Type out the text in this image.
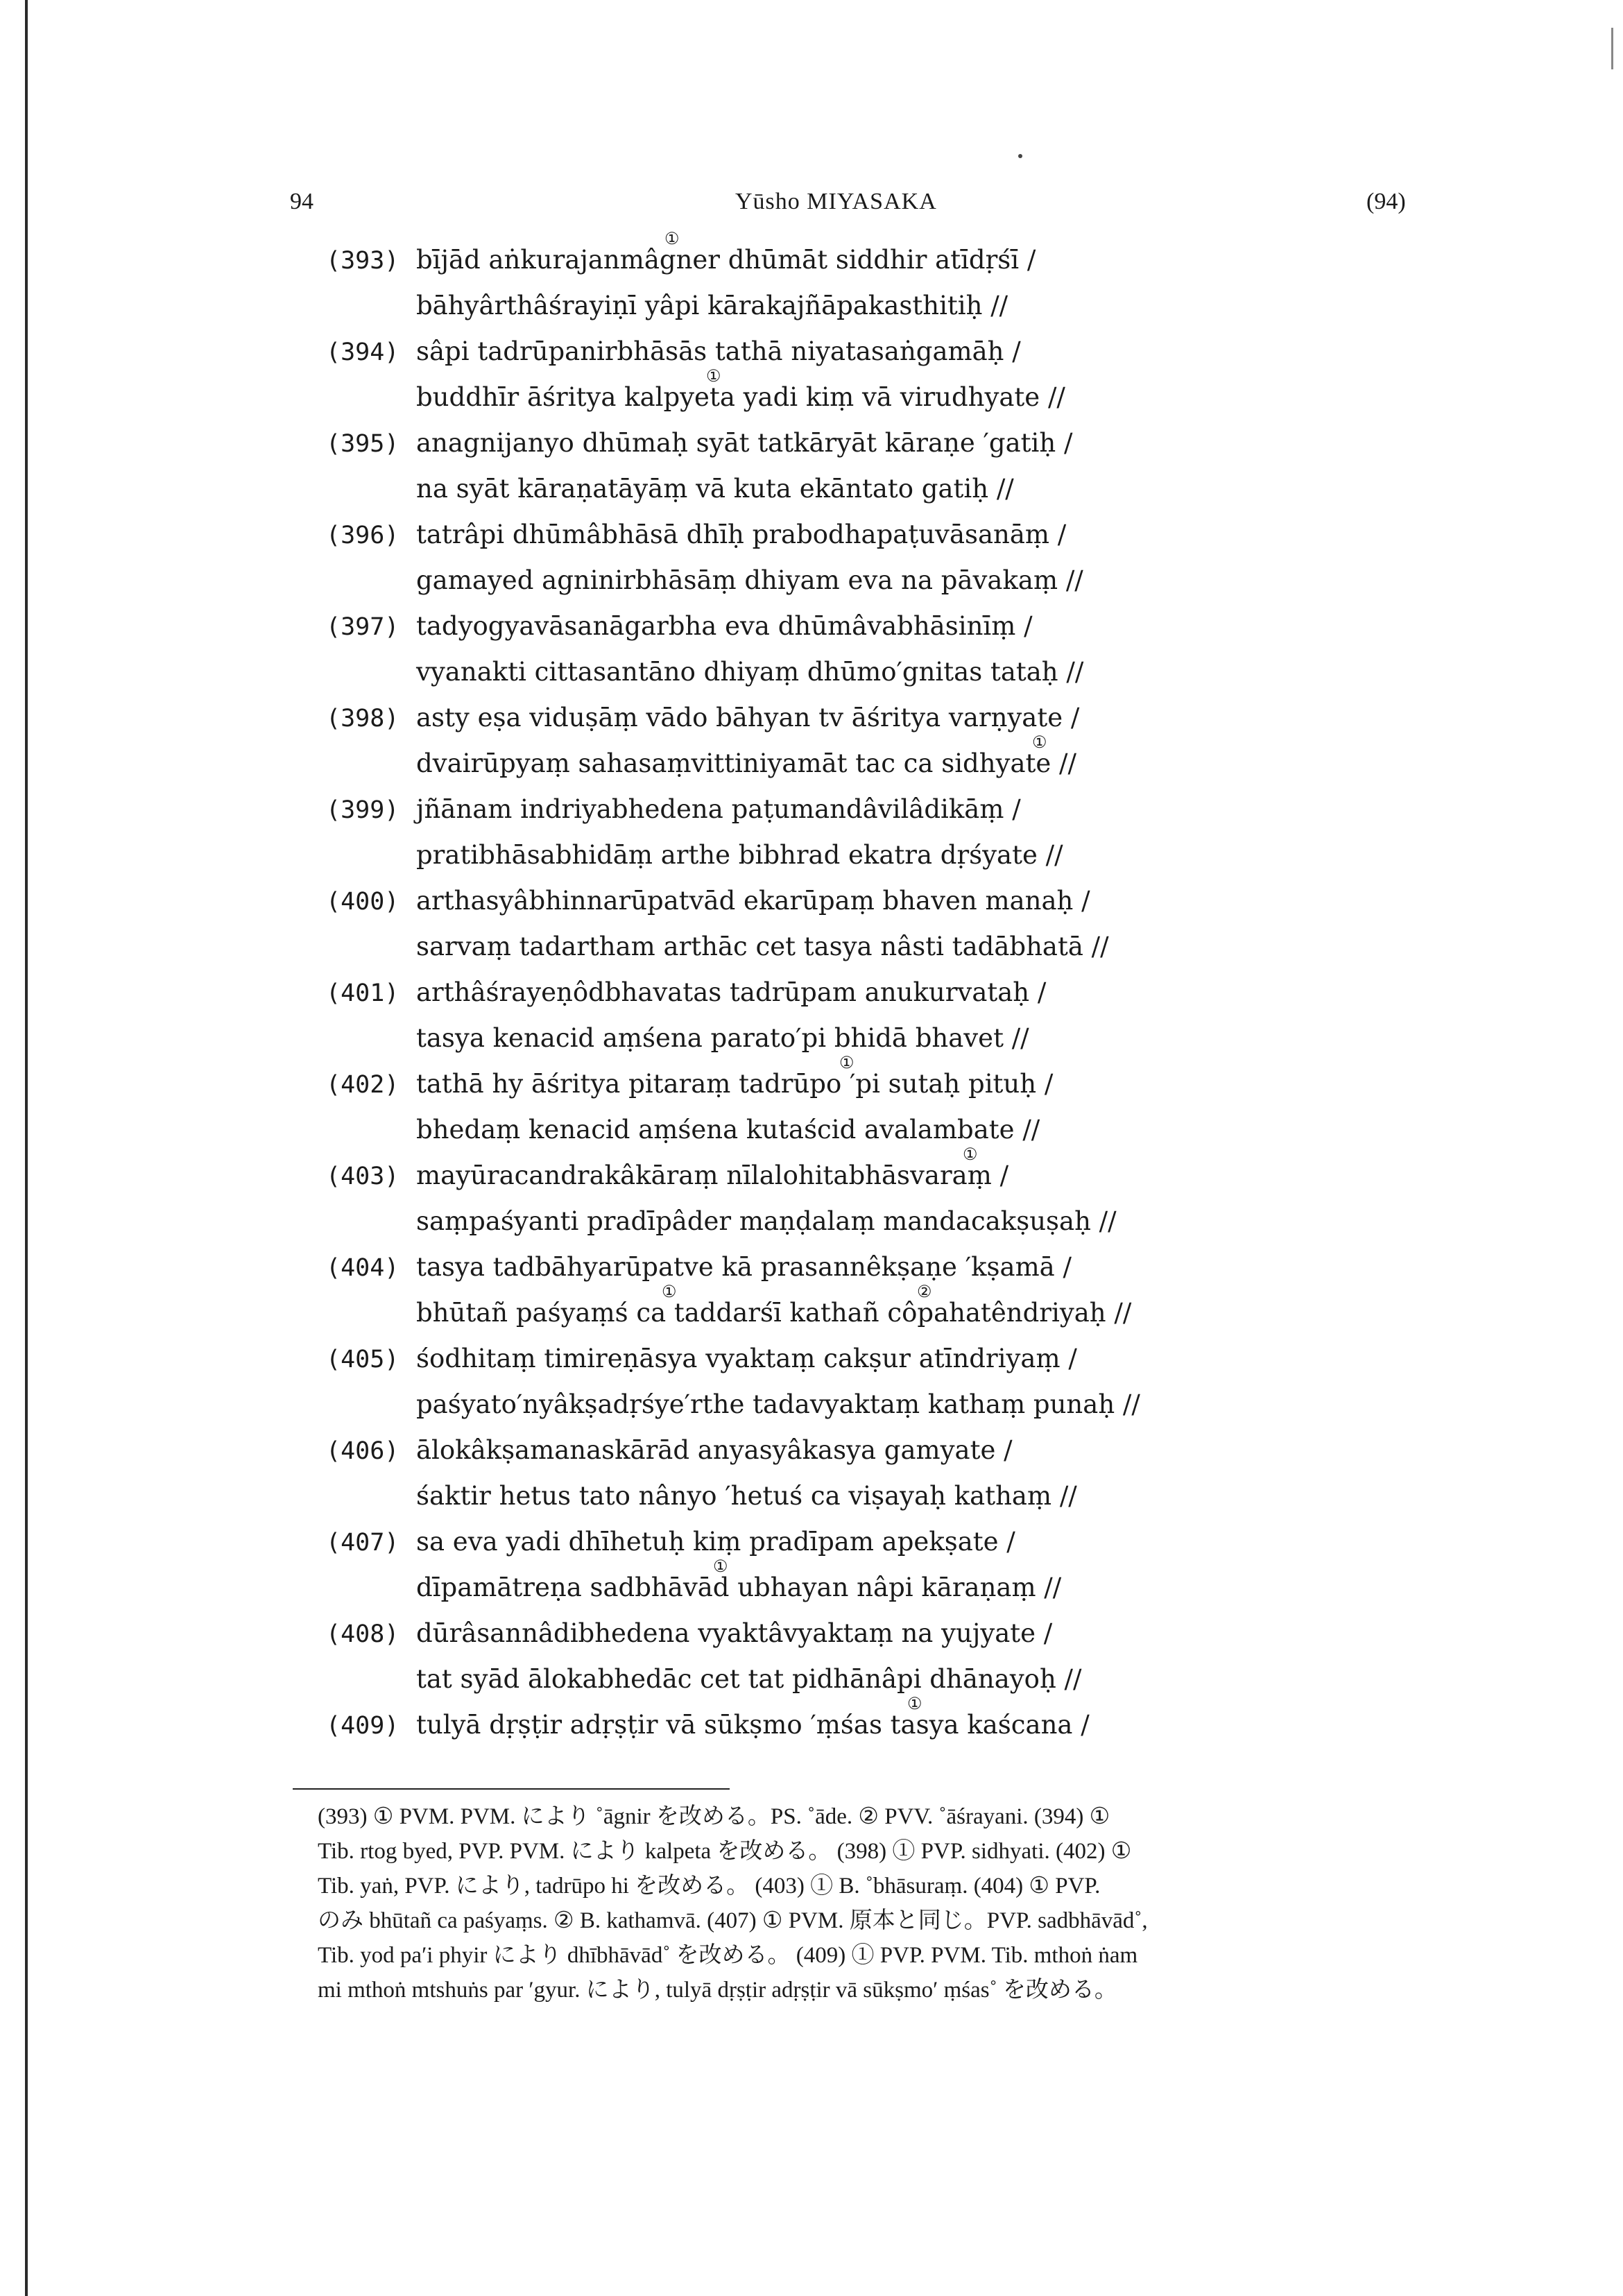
94	Yūsho MIYASAKA	(94)
(393) bījād aṅkurajanmâgner dhūmāt siddhir atīdṛśī /
bāhyârthâśrayiṇī yâpi kārakajñāpakasthitiḥ //
(394) sâpi tadrūpanirbhāsās tathā niyatasaṅgamāḥ /
buddhīr āśritya kalpyeta yadi kiṃ vā virudhyate //
(395) anagnijanyo dhūmaḥ syāt tatkāryāt kāraṇe ′gatiḥ /
na syāt kāraṇatāyāṃ vā kuta ekāntato gatiḥ //
(396) tatrâpi dhūmâbhāsā dhīḥ prabodhapaṭuvāsanāṃ /
gamayed agninirbhāsāṃ dhiyam eva na pāvakaṃ //
(397) tadyogyavāsanāgarbha eva dhūmâvabhāsinīṃ /
vyanakti cittasantāno dhiyaṃ dhūmo′gnitas tataḥ //
(398) asty eṣa viduṣāṃ vādo bāhyan tv āśritya varṇyate /
dvairūpyaṃ sahasaṃvittiniyamāt tac ca sidhyate //
(399) jñānam indriyabhedena paṭumandâvilâdikāṃ /
pratibhāsabhidāṃ arthe bibhrad ekatra dṛśyate //
(400) arthasyâbhinnarūpatvād ekarūpaṃ bhaven manaḥ /
sarvaṃ tadartham arthāc cet tasya nâsti tadābhatā //
(401) arthâśrayeṇôdbhavatas tadrūpam anukurvataḥ /
tasya kenacid aṃśena parato′pi bhidā bhavet //
(402) tathā hy āśritya pitaraṃ tadrūpo ′pi sutaḥ pituḥ /
bhedaṃ kenacid aṃśena kutaścid avalambate //
(403) mayūracandrakâkāraṃ nīlalohitabhāsvaraṃ /
saṃpaśyanti pradīpâder maṇḍalaṃ mandacakṣuṣaḥ //
(404) tasya tadbāhyarūpatve kā prasannêkṣaṇe ′kṣamā /
bhūtañ paśyaṃś ca taddarśī kathañ côpahatêndriyaḥ //
(405) śodhitaṃ timireṇāsya vyaktaṃ cakṣur atīndriyaṃ /
paśyato′nyâkṣadṛśye′rthe tadavyaktaṃ kathaṃ punaḥ //
(406) ālokâkṣamanaskārād anyasyâkasya gamyate /
śaktir hetus tato nânyo ′hetuś ca viṣayaḥ kathaṃ //
(407) sa eva yadi dhīhetuḥ kiṃ pradīpam apekṣate /
dīpamātreṇa sadbhāvād ubhayan nâpi kāraṇaṃ //
(408) dūrâsannâdibhedena vyaktâvyaktaṃ na yujyate /
tat syād ālokabhedāc cet tat pidhānâpi dhānayoḥ //
(409) tulyā dṛṣṭir adṛṣṭir vā sūkṣmo ′ṃśas tasya kaścana /
①
①
①
①
①
①	②
①
①
(393) ① PVM. PVM. により ˚āgnir を改める。PS. ˚āde. ② PVV. ˚āśrayani. (394) ①
Tib. rtog byed, PVP. PVM. により kalpeta を改める。 (398) ① PVP. sidhyati. (402) ①
Tib. yaṅ, PVP. により, tadrūpo hi を改める。 (403) ① B. ˚bhāsuraṃ. (404) ① PVP.
のみ bhūtañ ca paśyaṃs. ② B. kathamvā. (407) ① PVM. 原本と同じ。PVP. sadbhāvād˚,
Tib. yod pa′i phyir により dhībhāvād˚ を改める。 (409) ① PVP. PVM. Tib. mthoṅ ṅam
mi mthoṅ mtshuṅs par ′gyur. により, tulyā dṛṣṭir adṛṣṭir vā sūkṣmo′ ṃśas˚ を改める。
